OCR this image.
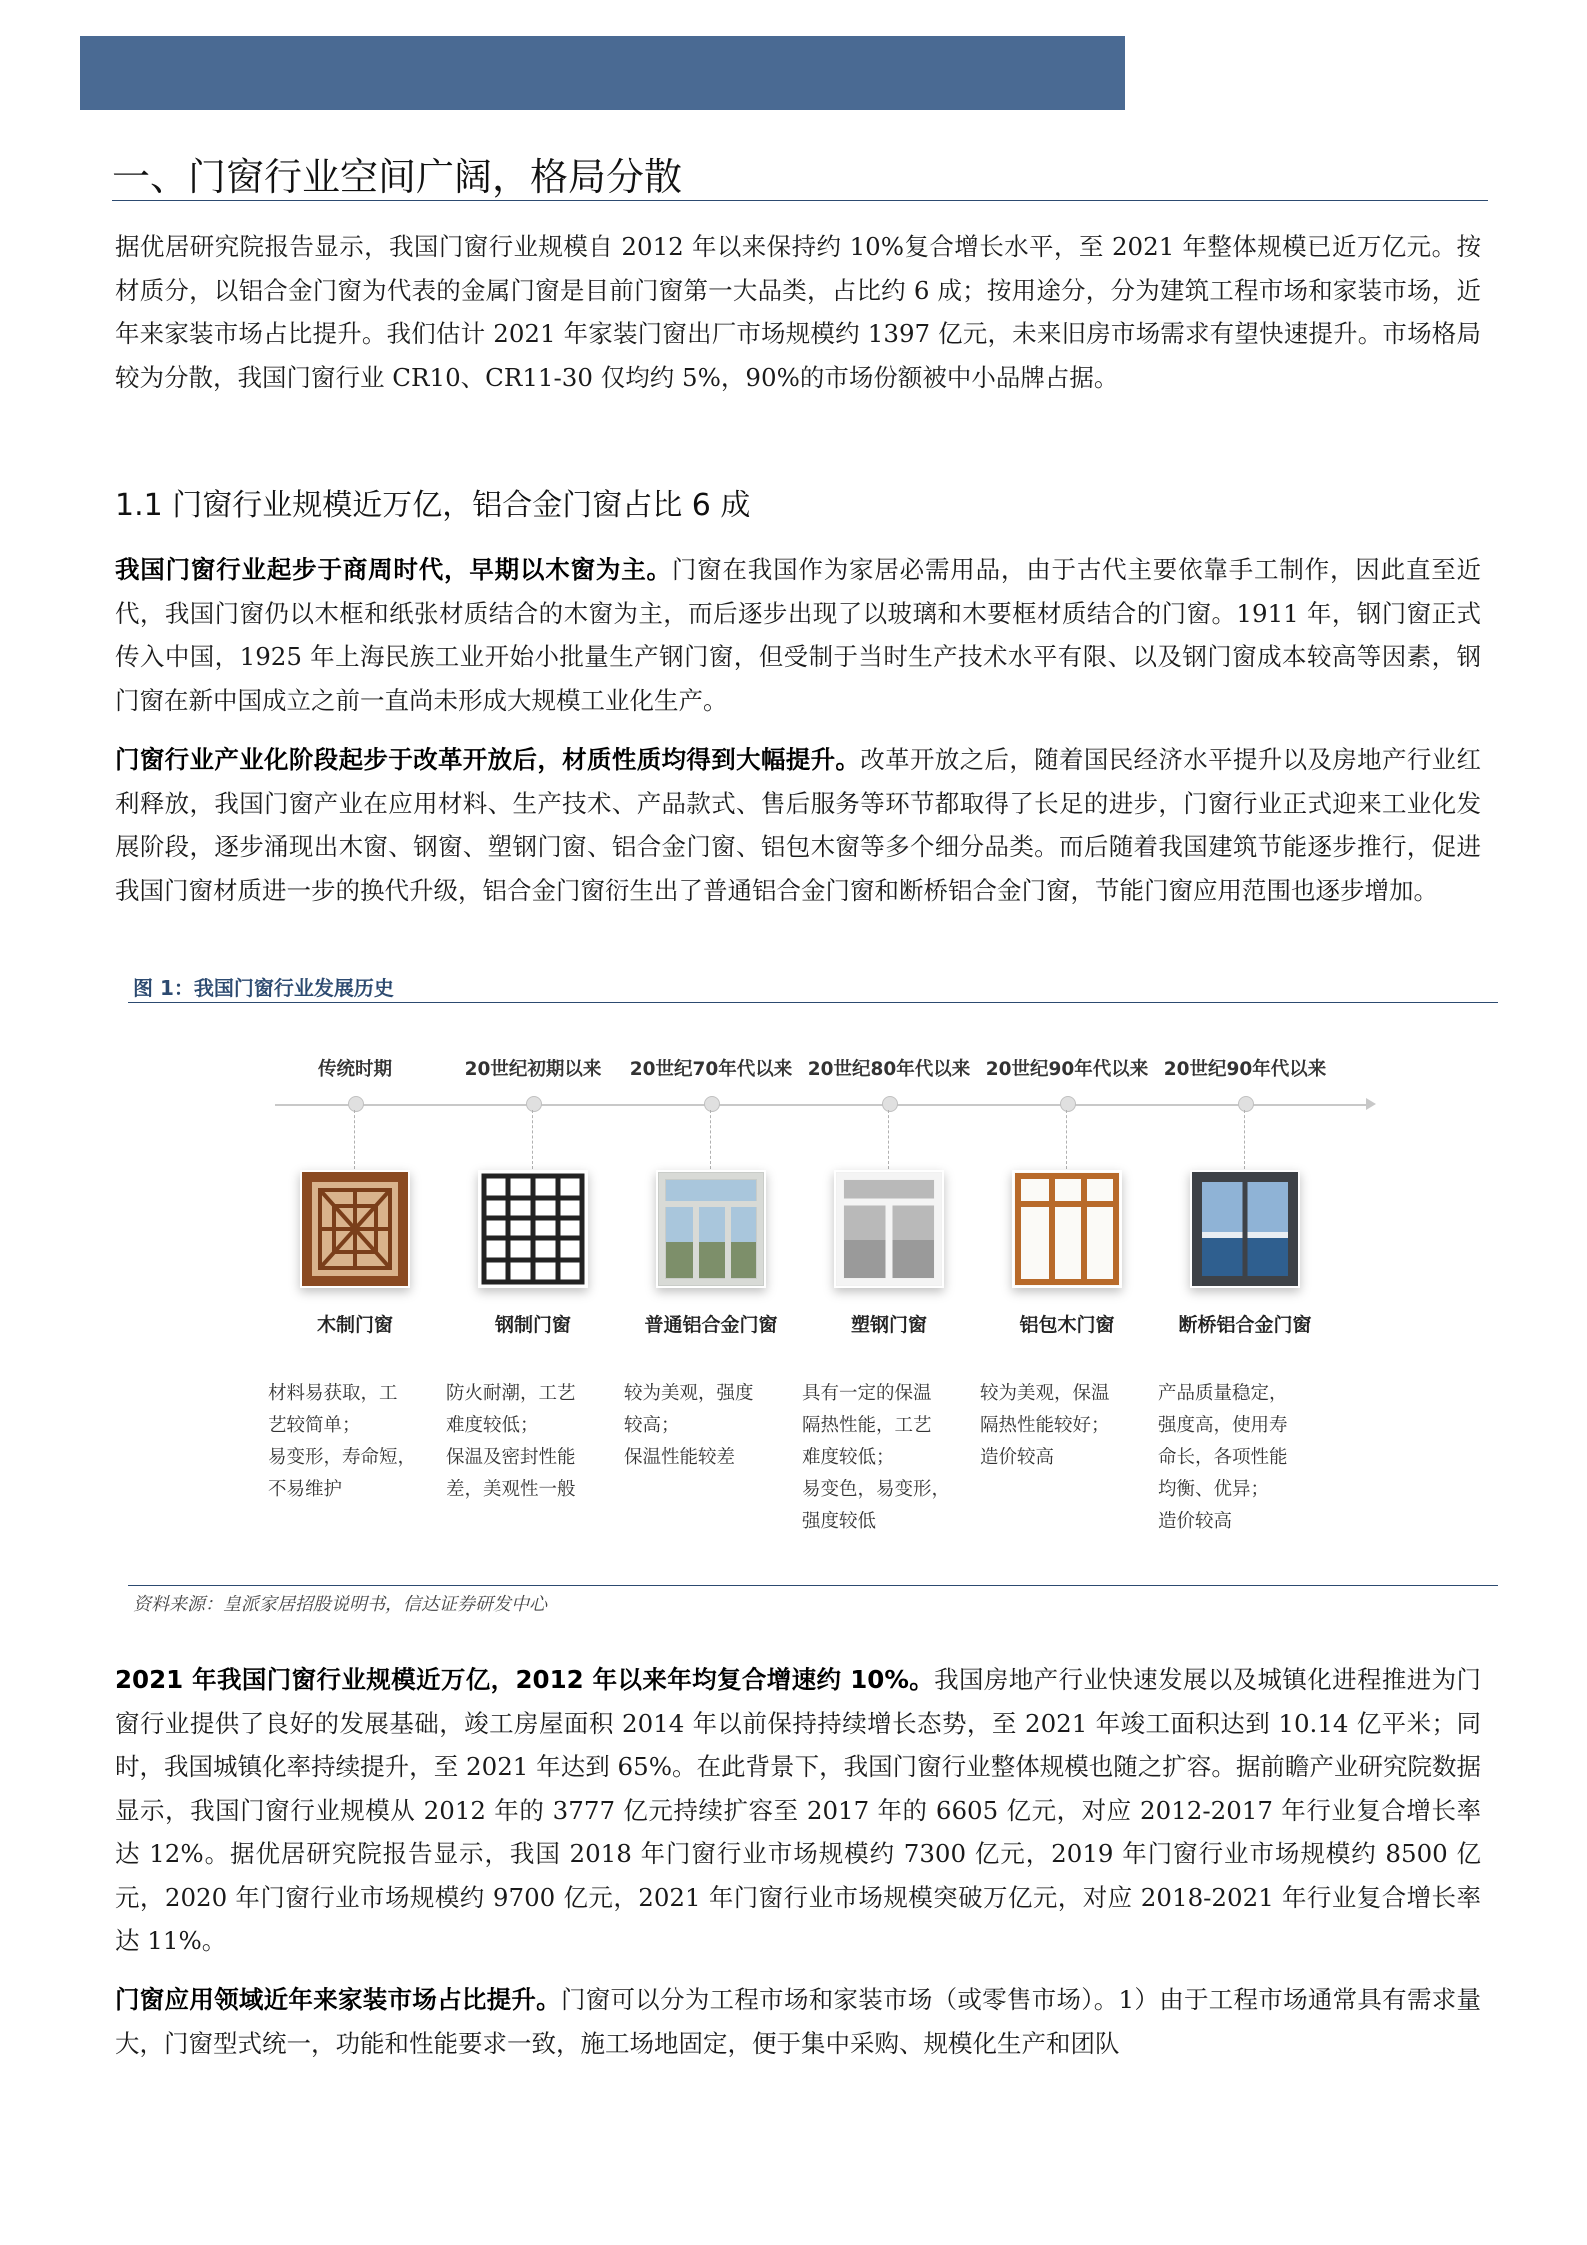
一、门窗行业空间广阔，格局分散

据优居研究院报告显示，我国门窗行业规模自 2012 年以来保持约 10%复合增长水平，至 2021 年整体规模已近万亿元。按材质分，以铝合金门窗为代表的金属门窗是目前门窗第一大品类，占比约 6 成；按用途分，分为建筑工程市场和家装市场，近年来家装市场占比提升。我们估计 2021 年家装门窗出厂市场规模约 1397 亿元，未来旧房市场需求有望快速提升。市场格局较为分散，我国门窗行业 CR10、CR11-30 仅均约 5%，90%的市场份额被中小品牌占据。

1.1 门窗行业规模近万亿，铝合金门窗占比 6 成

我国门窗行业起步于商周时代，早期以木窗为主。门窗在我国作为家居必需用品，由于古代主要依靠手工制作，因此直至近代，我国门窗仍以木框和纸张材质结合的木窗为主，而后逐步出现了以玻璃和木要框材质结合的门窗。1911 年，钢门窗正式传入中国，1925 年上海民族工业开始小批量生产钢门窗，但受制于当时生产技术水平有限、以及钢门窗成本较高等因素，钢门窗在新中国成立之前一直尚未形成大规模工业化生产。

门窗行业产业化阶段起步于改革开放后，材质性质均得到大幅提升。改革开放之后，随着国民经济水平提升以及房地产行业红利释放，我国门窗产业在应用材料、生产技术、产品款式、售后服务等环节都取得了长足的进步，门窗行业正式迎来工业化发展阶段，逐步涌现出木窗、钢窗、塑钢门窗、铝合金门窗、铝包木窗等多个细分品类。而后随着我国建筑节能逐步推行，促进我国门窗材质进一步的换代升级，铝合金门窗衍生出了普通铝合金门窗和断桥铝合金门窗，节能门窗应用范围也逐步增加。

图 1：我国门窗行业发展历史

传统时期
木制门窗
材料易获取，工
艺较简单；
易变形，寿命短，
不易维护
20世纪初期以来
钢制门窗
防火耐潮，工艺
难度较低；
保温及密封性能
差，美观性一般
20世纪70年代以来
普通铝合金门窗
较为美观，强度
较高；
保温性能较差
20世纪80年代以来
塑钢门窗
具有一定的保温
隔热性能，工艺
难度较低；
易变色，易变形，
强度较低
20世纪90年代以来
铝包木门窗
较为美观，保温
隔热性能较好；
造价较高
20世纪90年代以来
断桥铝合金门窗
产品质量稳定，
强度高，使用寿
命长，各项性能
均衡、优异；
造价较高

资料来源：皇派家居招股说明书，信达证券研发中心

2021 年我国门窗行业规模近万亿，2012 年以来年均复合增速约 10%。我国房地产行业快速发展以及城镇化进程推进为门窗行业提供了良好的发展基础，竣工房屋面积 2014 年以前保持持续增长态势，至 2021 年竣工面积达到 10.14 亿平米；同时，我国城镇化率持续提升，至 2021 年达到 65%。在此背景下，我国门窗行业整体规模也随之扩容。据前瞻产业研究院数据显示，我国门窗行业规模从 2012 年的 3777 亿元持续扩容至 2017 年的 6605 亿元，对应 2012-2017 年行业复合增长率达 12%。据优居研究院报告显示，我国 2018 年门窗行业市场规模约 7300 亿元，2019 年门窗行业市场规模约 8500 亿元，2020 年门窗行业市场规模约 9700 亿元，2021 年门窗行业市场规模突破万亿元，对应 2018-2021 年行业复合增长率达 11%。

门窗应用领域近年来家装市场占比提升。门窗可以分为工程市场和家装市场（或零售市场）。1）由于工程市场通常具有需求量大，门窗型式统一，功能和性能要求一致，施工场地固定，便于集中采购、规模化生产和团队
